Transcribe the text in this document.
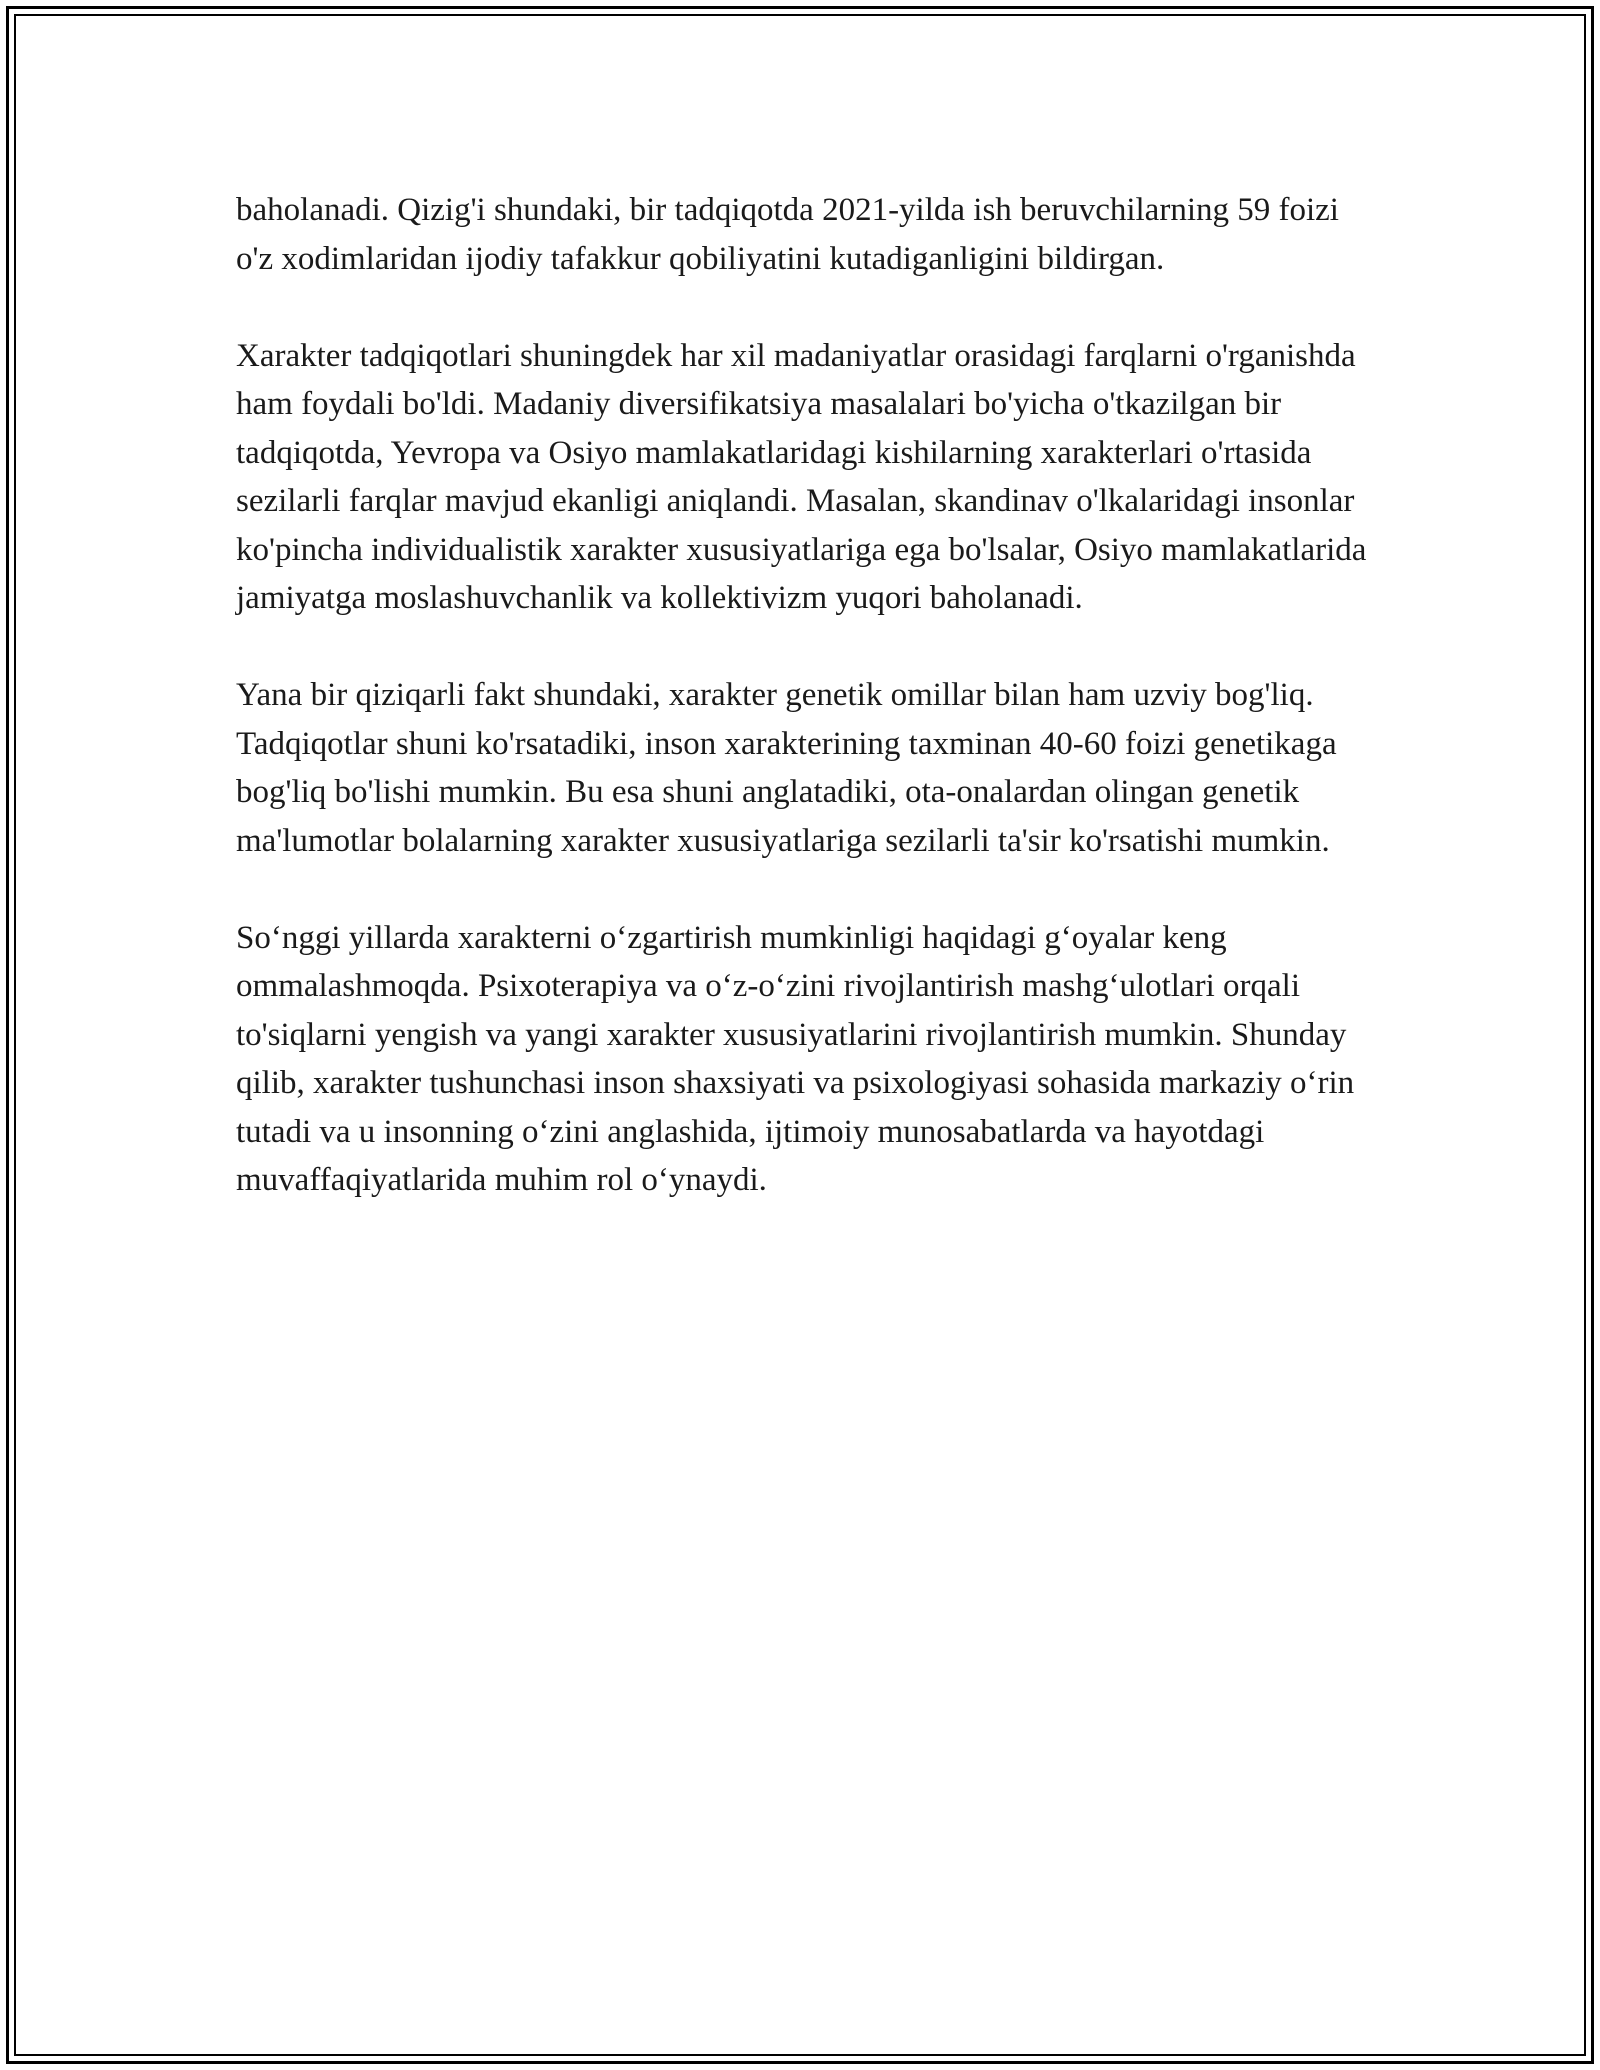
baholanadi. Qizig'i shundaki, bir tadqiqotda 2021-yilda ish beruvchilarning 59 foizi o'z xodimlaridan ijodiy tafakkur qobiliyatini kutadiganligini bildirgan.

Xarakter tadqiqotlari shuningdek har xil madaniyatlar orasidagi farqlarni o'rganishda ham foydali bo'ldi. Madaniy diversifikatsiya masalalari bo'yicha o'tkazilgan bir tadqiqotda, Yevropa va Osiyo mamlakatlaridagi kishilarning xarakterlari o'rtasida sezilarli farqlar mavjud ekanligi aniqlandi. Masalan, skandinav o'lkalaridagi insonlar ko'pincha individualistik xarakter xususiyatlariga ega bo'lsalar, Osiyo mamlakatlarida jamiyatga moslashuvchanlik va kollektivizm yuqori baholanadi.

Yana bir qiziqarli fakt shundaki, xarakter genetik omillar bilan ham uzviy bog'liq. Tadqiqotlar shuni ko'rsatadiki, inson xarakterining taxminan 40-60 foizi genetikaga bog'liq bo'lishi mumkin. Bu esa shuni anglatadiki, ota-onalardan olingan genetik ma'lumotlar bolalarning xarakter xususiyatlariga sezilarli ta'sir ko'rsatishi mumkin.

So‘nggi yillarda xarakterni o‘zgartirish mumkinligi haqidagi g‘oyalar keng ommalashmoqda. Psixoterapiya va o‘z-o‘zini rivojlantirish mashg‘ulotlari orqali to'siqlarni yengish va yangi xarakter xususiyatlarini rivojlantirish mumkin. Shunday qilib, xarakter tushunchasi inson shaxsiyati va psixologiyasi sohasida markaziy o‘rin tutadi va u insonning o‘zini anglashida, ijtimoiy munosabatlarda va hayotdagi muvaffaqiyatlarida muhim rol o‘ynaydi.
